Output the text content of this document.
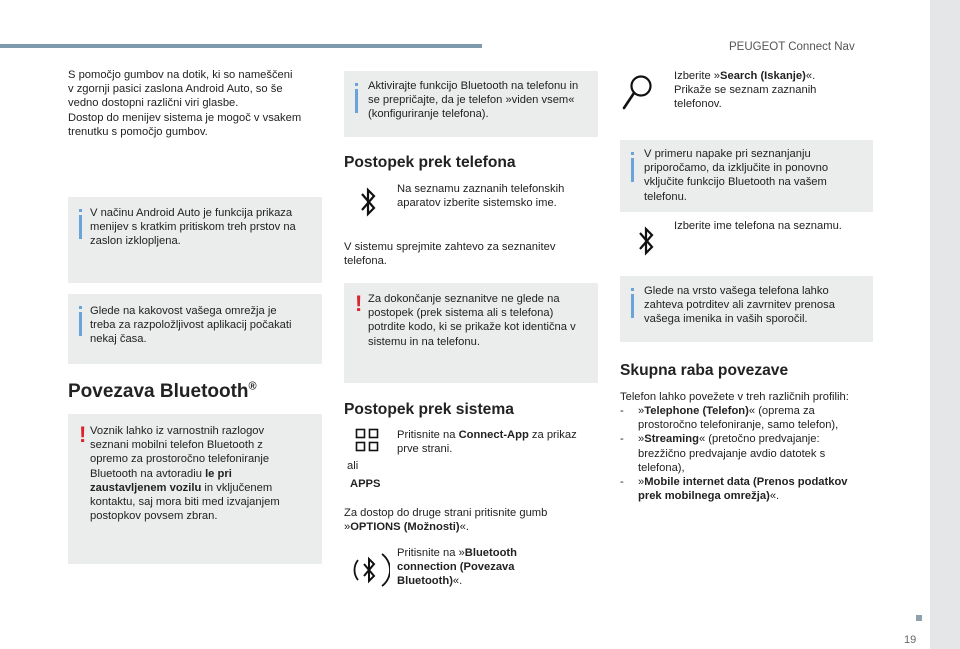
PEUGEOT Connect Nav
19
S pomočjo gumbov na dotik, ki so nameščeni
v zgornji pasici zaslona Android Auto, so še
vedno dostopni različni viri glasbe.
Dostop do menijev sistema je mogoč v vsakem
trenutku s pomočjo gumbov.
V načinu Android Auto je funkcija prikaza
menijev s kratkim pritiskom treh prstov na
zaslon izklopljena.
Glede na kakovost vašega omrežja je
treba za razpoložljivost aplikacij počakati
nekaj časa.
Povezava Bluetooth®
! Voznik lahko iz varnostnih razlogov
seznani mobilni telefon Bluetooth z
opremo za prostoročno telefoniranje
Bluetooth na avtoradiu le pri
zaustavljenem vozilu in vključenem
kontaktu, saj mora biti med izvajanjem
postopkov povsem zbran.
Aktivirajte funkcijo Bluetooth na telefonu in
se prepričajte, da je telefon »viden vsem«
(konfiguriranje telefona).
Postopek prek telefona
Na seznamu zaznanih telefonskih
aparatov izberite sistemsko ime.
V sistemu sprejmite zahtevo za seznanitev
telefona.
! Za dokončanje seznanitve ne glede na
postopek (prek sistema ali s telefona)
potrdite kodo, ki se prikaže kot identična v
sistemu in na telefonu.
Postopek prek sistema
Pritisnite na Connect-App za prikaz
prve strani.
ali
APPS
Za dostop do druge strani pritisnite gumb
»OPTIONS (Možnosti)«.
Pritisnite na »Bluetooth
connection (Povezava
Bluetooth)«.
Izberite »Search (Iskanje)«.
Prikaže se seznam zaznanih
telefonov.
V primeru napake pri seznanjanju
priporočamo, da izključite in ponovno
vključite funkcijo Bluetooth na vašem
telefonu.
Izberite ime telefona na seznamu.
Glede na vrsto vašega telefona lahko
zahteva potrditev ali zavrnitev prenosa
vašega imenika in vaših sporočil.
Skupna raba povezave
Telefon lahko povežete v treh različnih profilih:
- »Telephone (Telefon)« (oprema za
prostoročno telefoniranje, samo telefon),
- »Streaming« (pretočno predvajanje:
brezžično predvajanje avdio datotek s
telefona),
- »Mobile internet data (Prenos podatkov
prek mobilnega omrežja)«.
